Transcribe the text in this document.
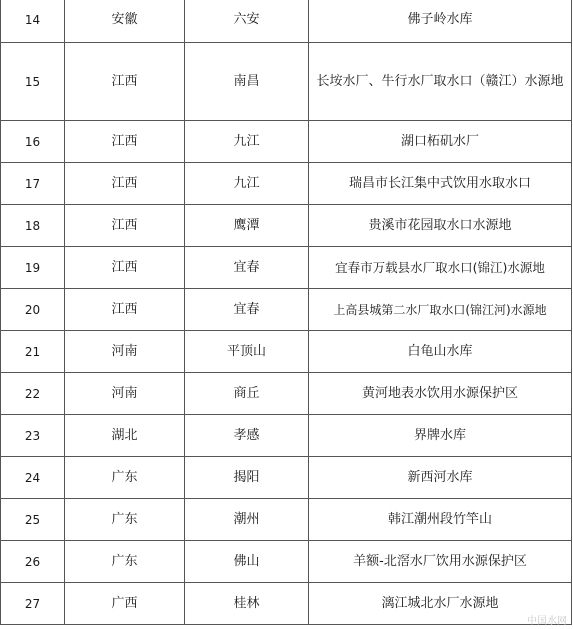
14	安徽	六安	佛子岭水库
15	江西	南昌	长垵水厂、牛行水厂取水口（赣江）水源地
16	江西	九江	湖口柘矶水厂
17	江西	九江	瑞昌市长江集中式饮用水取水口
18	江西	鹰潭	贵溪市花园取水口水源地
19	江西	宜春	宜春市万载县水厂取水口(锦江)水源地
20	江西	宜春	上高县城第二水厂取水口(锦江河)水源地
21	河南	平顶山	白龟山水库
22	河南	商丘	黄河地表水饮用水源保护区
23	湖北	孝感	界牌水库
24	广东	揭阳	新西河水库
25	广东	潮州	韩江潮州段竹竿山
26	广东	佛山	羊额-北滘水厂饮用水源保护区
27	广西	桂林	漓江城北水厂水源地
中国水网
